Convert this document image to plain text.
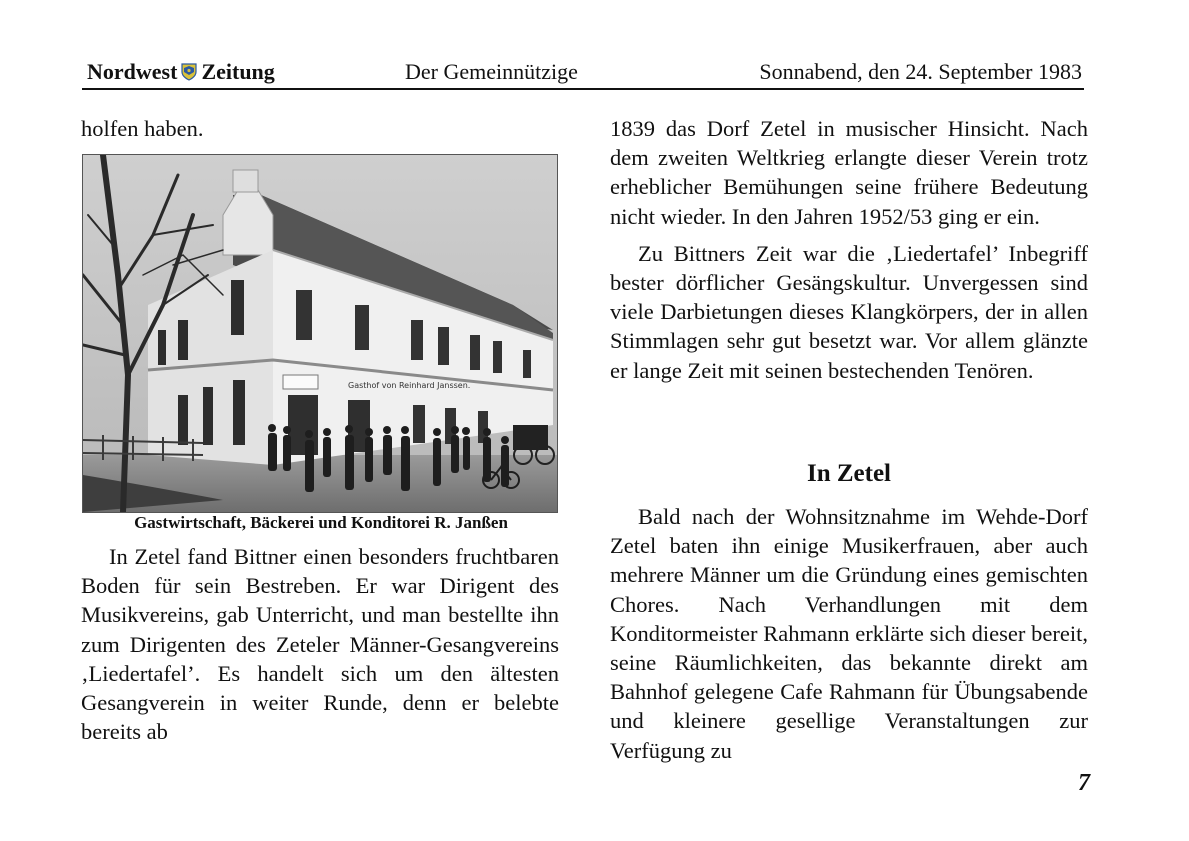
Nordwest Zeitung	Der Gemeinnützige	Sonnabend, den 24. September 1983

holfen haben.

Gasthof von Reinhard Janssen.
Gastwirtschaft, Bäckerei und Konditorei R. Janßen

In Zetel fand Bittner einen besonders fruchtbaren Boden für sein Bestreben. Er war Dirigent des Musikvereins, gab Unterricht, und man bestellte ihn zum Dirigenten des Zeteler Männer-Gesangvereins ‚Liedertafel’. Es handelt sich um den ältesten Gesangverein in weiter Runde, denn er belebte bereits ab

1839 das Dorf Zetel in musischer Hinsicht. Nach dem zweiten Weltkrieg erlangte dieser Verein trotz erheblicher Bemühungen seine frühere Bedeutung nicht wieder. In den Jahren 1952/53 ging er ein.

Zu Bittners Zeit war die ‚Liedertafel’ Inbegriff bester dörflicher Gesängskultur. Unvergessen sind viele Darbietungen dieses Klangkörpers, der in allen Stimmlagen sehr gut besetzt war. Vor allem glänzte er lange Zeit mit seinen bestechenden Tenören.

In Zetel

Bald nach der Wohnsitznahme im Wehde-Dorf Zetel baten ihn einige Musikerfrauen, aber auch mehrere Männer um die Gründung eines gemischten Chores. Nach Verhandlungen mit dem Konditormeister Rahmann erklärte sich dieser bereit, seine Räumlichkeiten, das bekannte direkt am Bahnhof gelegene Cafe Rahmann für Übungsabende und kleinere gesellige Veranstaltungen zur Verfügung zu

7
